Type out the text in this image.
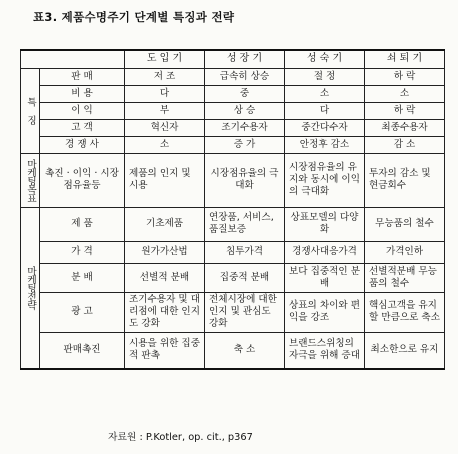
표3. 제품수명주기 단계별 특징과 전략
		도 입 기	성 장 기	성 숙 기	쇠 퇴 기

특 징	판 매	저 조	급속히 상승	절 정	하 락
	비 용	다	중	소	소
	이 익	부	상 승	다	하 락
	고 객	혁신자	조기수용자	중간다수자	최종수용자
	경 쟁 사	소	증 가	안정후 감소	감 소

마케팅목표	촉진 · 이익 · 시장점유율등	제품의 인지 및 시용	시장점유율의 극대화	시장점유율의 유지와 동시에 이익의 극대화	투자의 감소 및 현금회수

마케팅전략	제 품	기초제품	연장품, 서비스, 품질보증	상표모델의 다양화	무능품의 철수
	가 격	원가가산법	침투가격	경쟁사대응가격	가격인하
	분 배	선별적 분배	집중적 분배	보다 집중적인 분배	선별적분배 무능품의 철수
	광 고	조기수용자 및 대리점에 대한 인지도 강화	전체시장에 대한 인지 및 관심도 강화	상표의 차이와 편익을 강조	핵심고객을 유지할 만큼으로 축소
	판매촉진	시용을 위한 집중적 판촉	축 소	브랜드스위칭의 자극을 위해 증대	최소한으로 유지
자료원 : P.Kotler, op. cit., p367
